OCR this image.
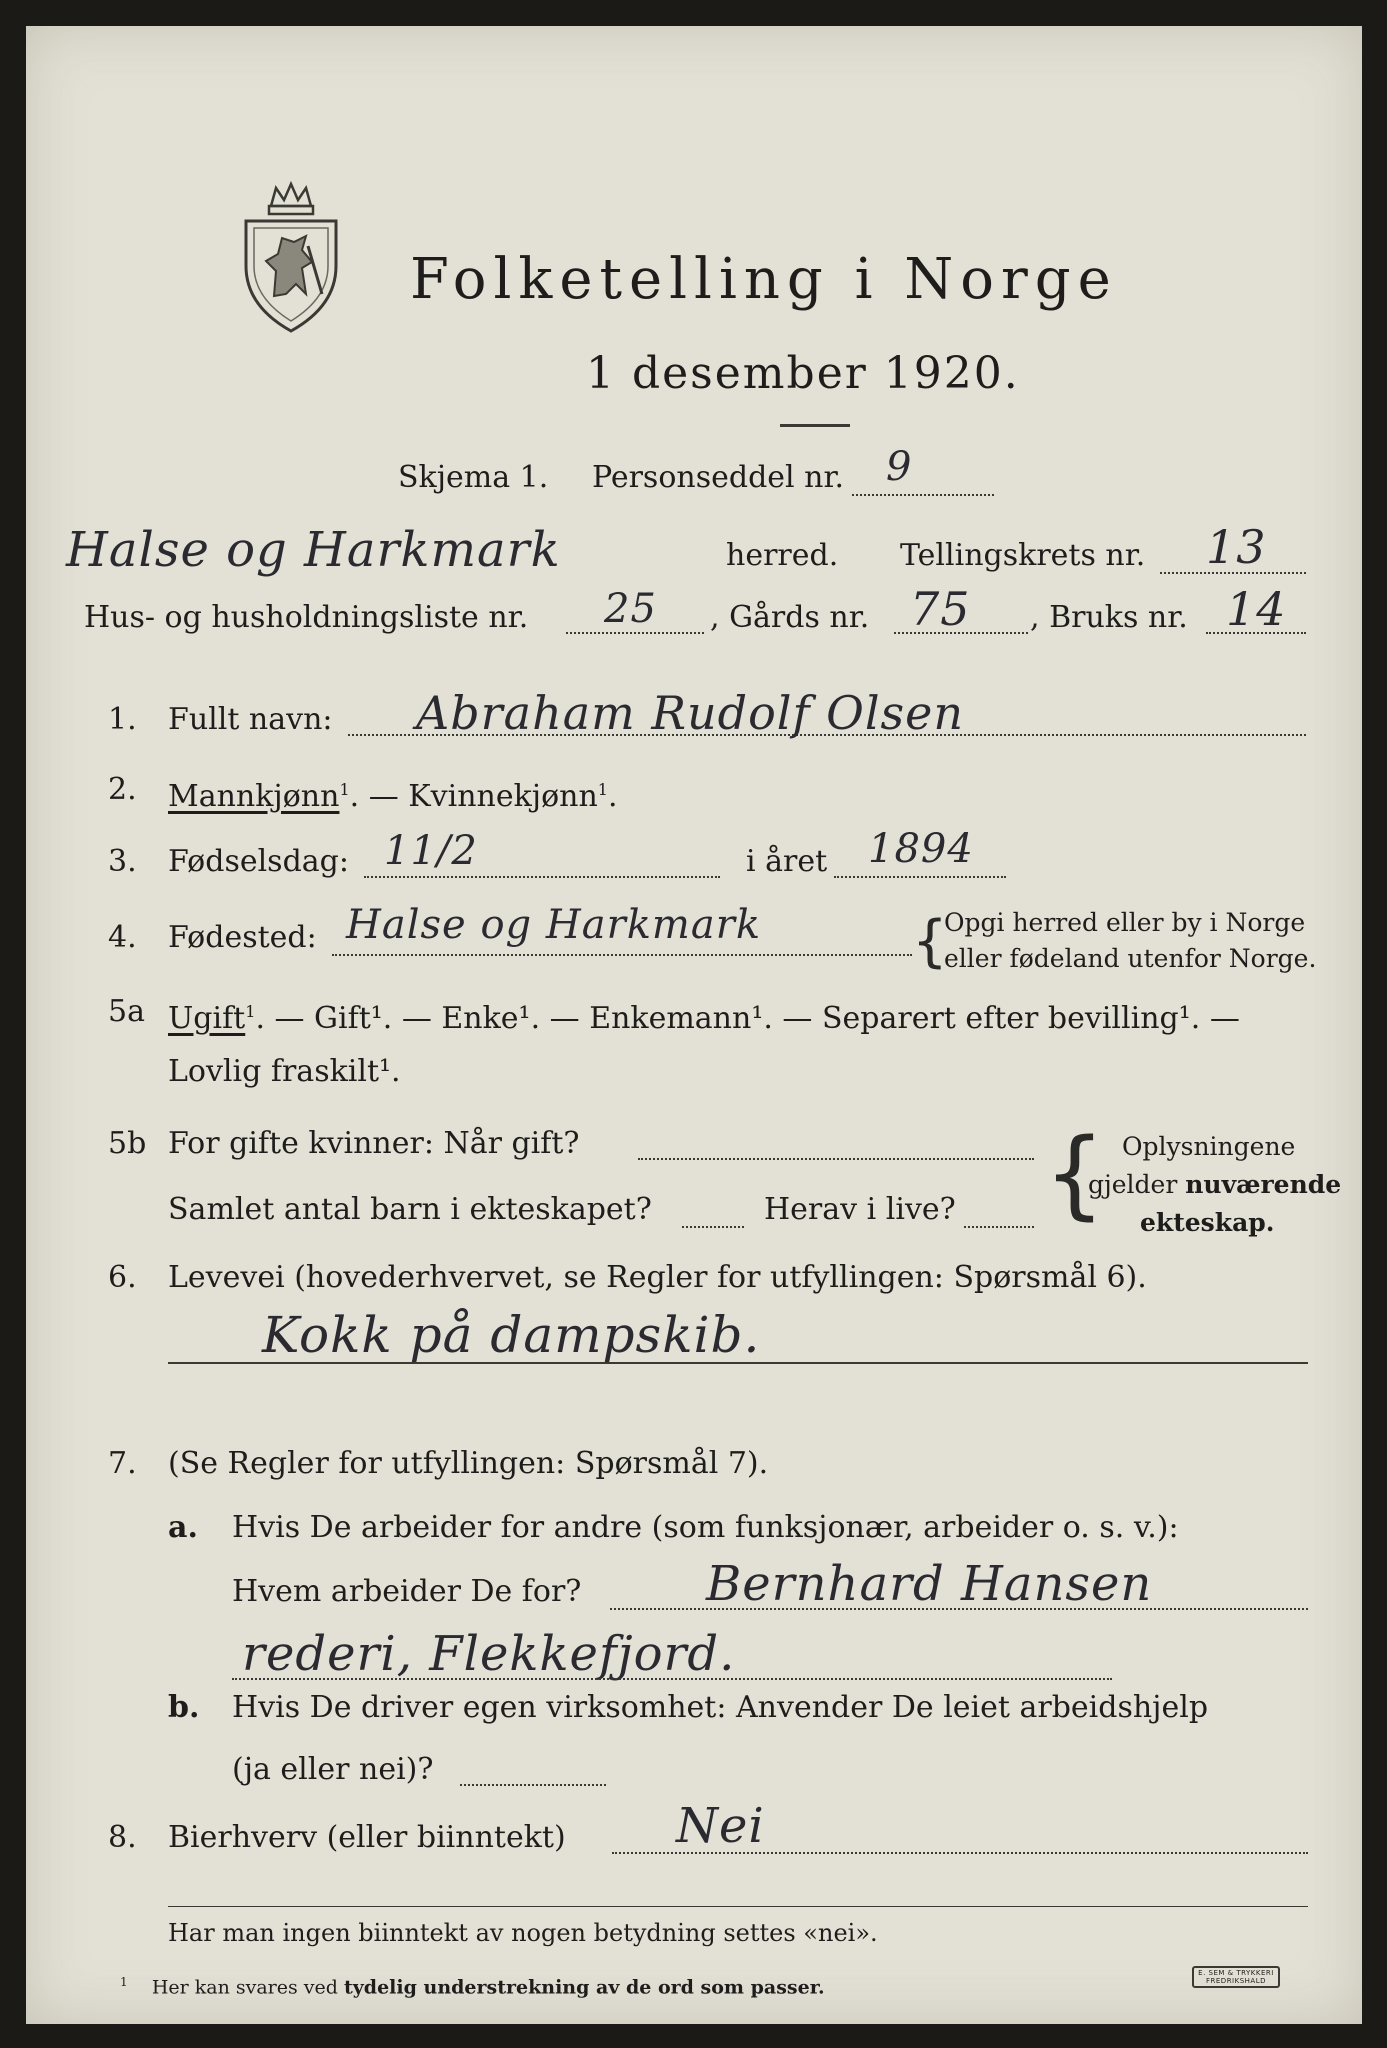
Folketelling i Norge
1 desember 1920.
Skjema 1. Personseddel nr. 9
Halse og Harkmark	herred. Tellingskrets nr. 13
Hus- og husholdningsliste nr. 25 , Gårds nr. 75 , Bruks nr. 14
1. Fullt navn: Abraham Rudolf Olsen
2. Mannkjønn$^1$. — Kvinnekjønn$^1$.
3. Fødselsdag: 11/2	i året 1894
4. Fødested: Halse og Harkmark	{
Opgi herred eller by i Norge
eller fødeland utenfor Norge.
5a Ugift$^1$. — Gift¹. — Enke¹. — Enkemann¹. — Separert efter bevilling¹. —
Lovlig fraskilt¹.
5b For gifte kvinner: Når gift?
Samlet antal barn i ekteskapet?	Herav i live? { Oplysningene
gjelder nuværende
ekteskap.
6. Levevei (hovederhvervet, se Regler for utfyllingen: Spørsmål 6).
Kokk på dampskib.
7. (Se Regler for utfyllingen: Spørsmål 7).
a. Hvis De arbeider for andre (som funksjonær, arbeider o. s. v.):
Hvem arbeider De for?	Bernhard Hansen
rederi, Flekkefjord.
b. Hvis De driver egen virksomhet: Anvender De leiet arbeidshjelp
(ja eller nei)?
8. Bierhverv (eller biinntekt) Nei
Har man ingen biinntekt av nogen betydning settes «nei».
$^1$ Her kan svares ved tydelig understrekning av de ord som passer.
E. SEM & TRYKKERI
FREDRIKSHALD
